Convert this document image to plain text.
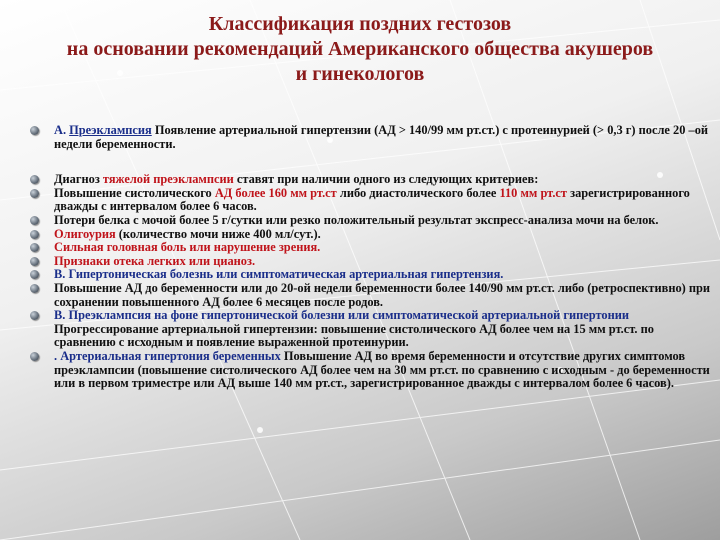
Классификация поздних гестозов
на основании рекомендаций Американского общества акушеров
и гинекологов
А. Преэклампсия Появление артериальной гипертензии (АД > 140/99 мм рт.ст.) с протеинурией (> 0,3 г) после 20 –ой недели беременности.
Диагноз тяжелой преэклампсии ставят при наличии одного из следующих критериев:
Повышение систолического АД более 160 мм рт.ст либо диастолического более 110 мм рт.ст зарегистрированного дважды с интервалом более 6 часов.
Потери белка с мочой более 5 г/сутки или резко положительный результат экспресс-анализа мочи на белок.
Олигоурия (количество мочи ниже 400 мл/сут.).
Сильная головная боль или нарушение зрения.
Признаки отека легких или цианоз.
В. Гипертоническая болезнь или симптоматическая артериальная гипертензия.
Повышение АД до беременности или до 20-ой недели беременности более 140/90 мм рт.ст. либо (ретроспективно) при сохранении повышенного АД более 6 месяцев после родов.
В. Преэклампсия на фоне гипертонической болезни или симптоматической артериальной гипертонии Прогрессирование артериальной гипертензии: повышение систолического АД более чем на 15 мм рт.ст. по сравнению с исходным и появление выраженной протеинурии.
. Артериальная гипертония беременных Повышение АД во время беременности и отсутствие других симптомов преэклампсии (повышение систолического АД более чем на 30 мм рт.ст. по сравнению с исходным - до беременности или в первом триместре или АД выше 140 мм рт.ст., зарегистрированное дважды с интервалом более 6 часов).
